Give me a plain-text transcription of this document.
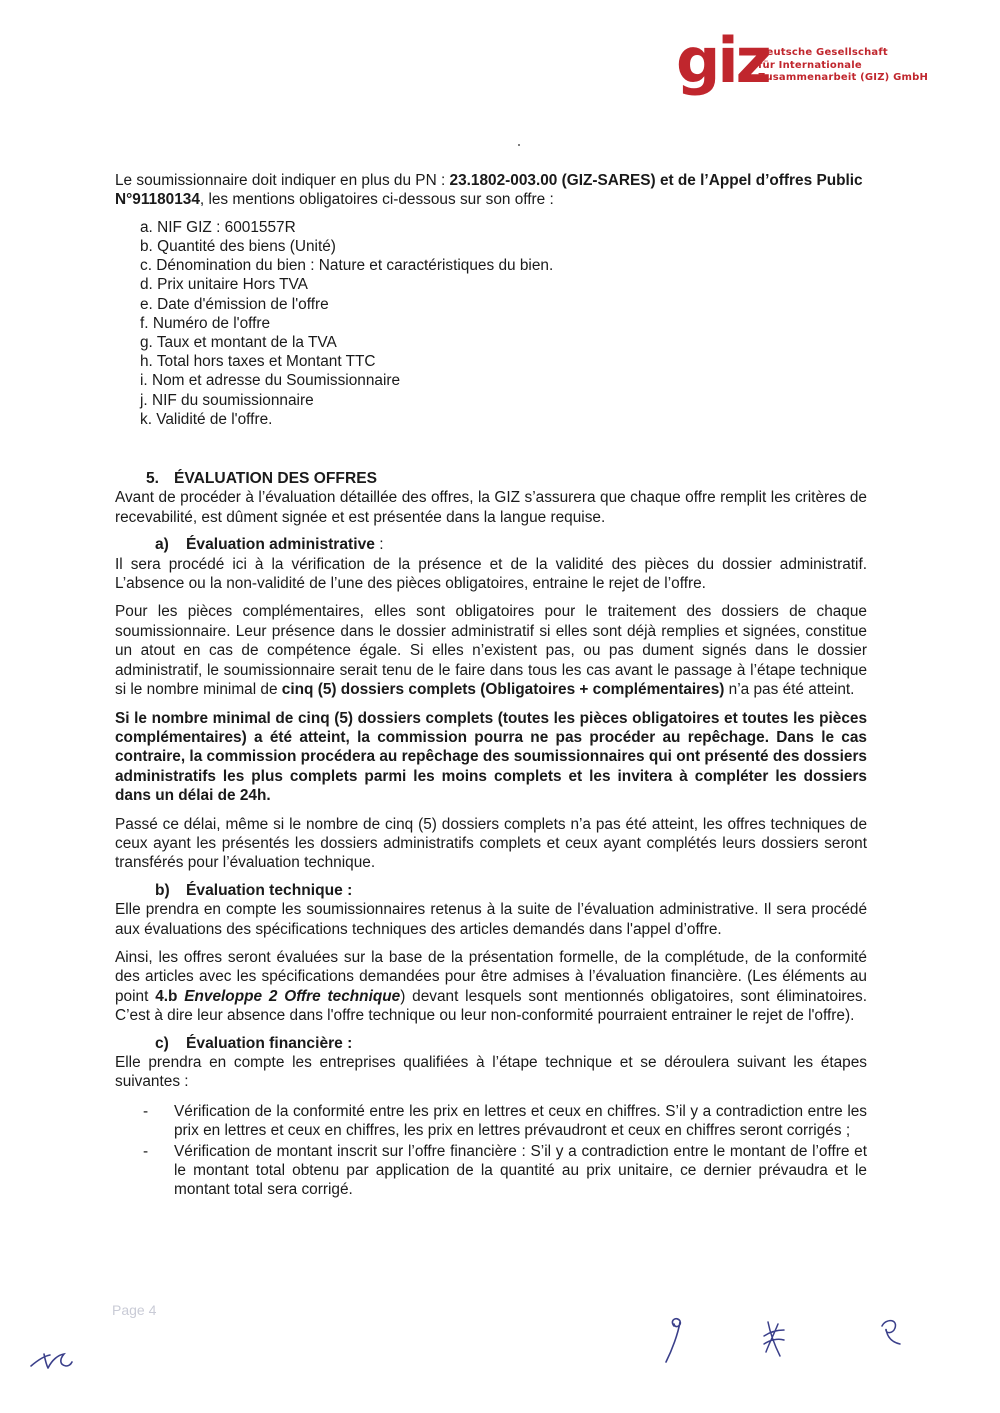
giz
Deutsche Gesellschaft
für Internationale
Zusammenarbeit (GIZ) GmbH

Le soumissionnaire doit indiquer en plus du PN : 23.1802-003.00 (GIZ-SARES) et de l’Appel d’offres Public N°91180134, les mentions obligatoires ci-dessous sur son offre :

a. NIF GIZ : 6001557R
b. Quantité des biens (Unité)
c. Dénomination du bien : Nature et caractéristiques du bien.
d. Prix unitaire Hors TVA
e. Date d'émission de l'offre
f. Numéro de l'offre
g. Taux et montant de la TVA
h. Total hors taxes et Montant TTC
i. Nom et adresse du Soumissionnaire
j. NIF du soumissionnaire
k. Validité de l'offre.
5. ÉVALUATION DES OFFRES

Avant de procéder à l’évaluation détaillée des offres, la GIZ s’assurera que chaque offre remplit les critères de recevabilité, est dûment signée et est présentée dans la langue requise.

a) Évaluation administrative :

Il sera procédé ici à la vérification de la présence et de la validité des pièces du dossier administratif. L’absence ou la non-validité de l’une des pièces obligatoires, entraine le rejet de l’offre.

Pour les pièces complémentaires, elles sont obligatoires pour le traitement des dossiers de chaque soumissionnaire. Leur présence dans le dossier administratif si elles sont déjà remplies et signées, constitue un atout en cas de compétence égale. Si elles n’existent pas, ou pas dument signés dans le dossier administratif, le soumissionnaire serait tenu de le faire dans tous les cas avant le passage à l’étape technique si le nombre minimal de cinq (5) dossiers complets (Obligatoires + complémentaires) n’a pas été atteint.

Si le nombre minimal de cinq (5) dossiers complets (toutes les pièces obligatoires et toutes les pièces complémentaires) a été atteint, la commission pourra ne pas procéder au repêchage. Dans le cas contraire, la commission procédera au repêchage des soumissionnaires qui ont présenté des dossiers administratifs les plus complets parmi les moins complets et les invitera à compléter les dossiers dans un délai de 24h.

Passé ce délai, même si le nombre de cinq (5) dossiers complets n’a pas été atteint, les offres techniques de ceux ayant les présentés les dossiers administratifs complets et ceux ayant complétés leurs dossiers seront transférés pour l’évaluation technique.

b) Évaluation technique :

Elle prendra en compte les soumissionnaires retenus à la suite de l’évaluation administrative. Il sera procédé aux évaluations des spécifications techniques des articles demandés dans l'appel d’offre.

Ainsi, les offres seront évaluées sur la base de la présentation formelle, de la complétude, de la conformité des articles avec les spécifications demandées pour être admises à l’évaluation financière. (Les éléments au point 4.b Enveloppe 2 Offre technique) devant lesquels sont mentionnés obligatoires, sont éliminatoires. C’est à dire leur absence dans l'offre technique ou leur non-conformité pourraient entrainer le rejet de l'offre).

c) Évaluation financière :

Elle prendra en compte les entreprises qualifiées à l’étape technique et se déroulera suivant les étapes suivantes :

- Vérification de la conformité entre les prix en lettres et ceux en chiffres. S’il y a contradiction entre les prix en lettres et ceux en chiffres, les prix en lettres prévaudront et ceux en chiffres seront corrigés ;
- Vérification de montant inscrit sur l’offre financière : S’il y a contradiction entre le montant de l’offre et le montant total obtenu par application de la quantité au prix unitaire, ce dernier prévaudra et le montant total sera corrigé.
Page 4
